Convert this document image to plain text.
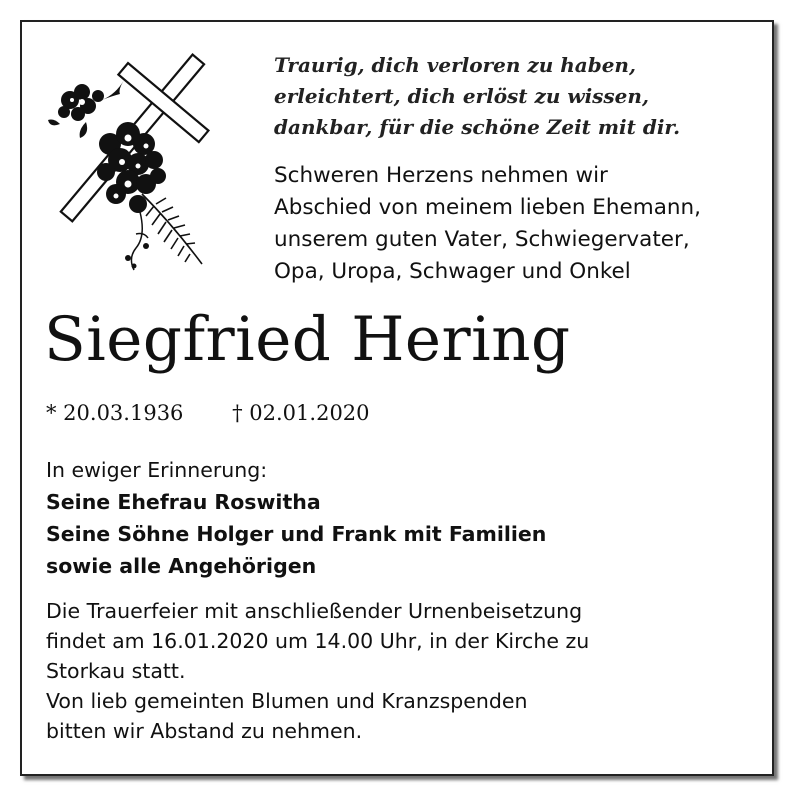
Traurig, dich verloren zu haben,
erleichtert, dich erlöst zu wissen,
dankbar, für die schöne Zeit mit dir.
Schweren Herzens nehmen wir
Abschied von meinem lieben Ehemann,
unserem guten Vater, Schwiegervater,
Opa, Uropa, Schwager und Onkel
Siegfried Hering
* 20.03.1936 † 02.01.2020
In ewiger Erinnerung:
Seine Ehefrau Roswitha
Seine Söhne Holger und Frank mit Familien
sowie alle Angehörigen
Die Trauerfeier mit anschließender Urnenbeisetzung
findet am 16.01.2020 um 14.00 Uhr, in der Kirche zu
Storkau statt.
Von lieb gemeinten Blumen und Kranzspenden
bitten wir Abstand zu nehmen.
